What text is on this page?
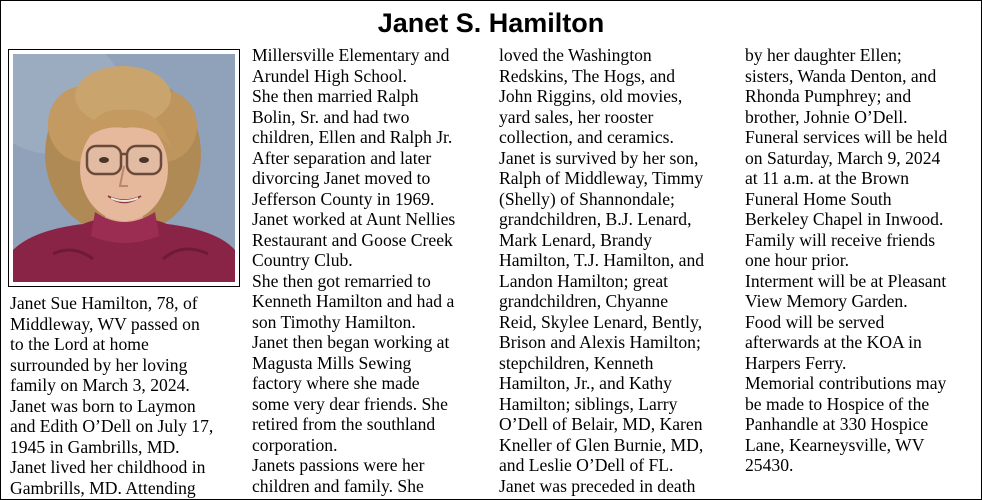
Janet S. Hamilton
Janet Sue Hamilton, 78, of
Middleway, WV passed on
to the Lord at home
surrounded by her loving
family on March 3, 2024.
Janet was born to Laymon
and Edith O’Dell on July 17,
1945 in Gambrills, MD.
Janet lived her childhood in
Gambrills, MD. Attending
Millersville Elementary and
Arundel High School.
She then married Ralph
Bolin, Sr. and had two
children, Ellen and Ralph Jr.
After separation and later
divorcing Janet moved to
Jefferson County in 1969.
Janet worked at Aunt Nellies
Restaurant and Goose Creek
Country Club.
She then got remarried to
Kenneth Hamilton and had a
son Timothy Hamilton.
Janet then began working at
Magusta Mills Sewing
factory where she made
some very dear friends. She
retired from the southland
corporation.
Janets passions were her
children and family. She
loved the Washington
Redskins, The Hogs, and
John Riggins, old movies,
yard sales, her rooster
collection, and ceramics.
Janet is survived by her son,
Ralph of Middleway, Timmy
(Shelly) of Shannondale;
grandchildren, B.J. Lenard,
Mark Lenard, Brandy
Hamilton, T.J. Hamilton, and
Landon Hamilton; great
grandchildren, Chyanne
Reid, Skylee Lenard, Bently,
Brison and Alexis Hamilton;
stepchildren, Kenneth
Hamilton, Jr., and Kathy
Hamilton; siblings, Larry
O’Dell of Belair, MD, Karen
Kneller of Glen Burnie, MD,
and Leslie O’Dell of FL.
Janet was preceded in death
by her daughter Ellen;
sisters, Wanda Denton, and
Rhonda Pumphrey; and
brother, Johnie O’Dell.
Funeral services will be held
on Saturday, March 9, 2024
at 11 a.m. at the Brown
Funeral Home South
Berkeley Chapel in Inwood.
Family will receive friends
one hour prior.
Interment will be at Pleasant
View Memory Garden.
Food will be served
afterwards at the KOA in
Harpers Ferry.
Memorial contributions may
be made to Hospice of the
Panhandle at 330 Hospice
Lane, Kearneysville, WV
25430.
